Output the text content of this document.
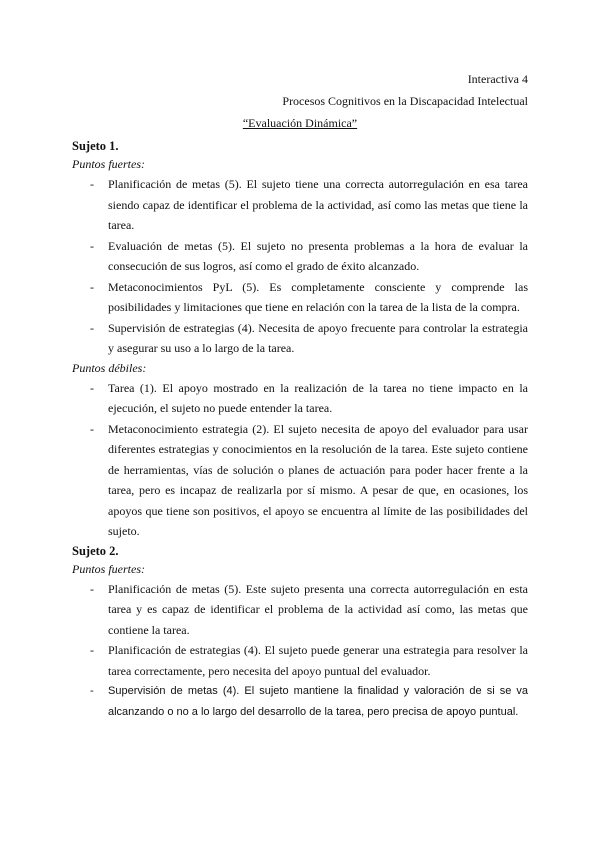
Interactiva 4
Procesos Cognitivos en la Discapacidad Intelectual
“Evaluación Dinámica”

Sujeto 1.

Puntos fuertes:

- Planificación de metas (5). El sujeto tiene una correcta autorregulación en esa tarea siendo capaz de identificar el problema de la actividad, así como las metas que tiene la tarea.
- Evaluación de metas (5). El sujeto no presenta problemas a la hora de evaluar la consecución de sus logros, así como el grado de éxito alcanzado.
- Metaconocimientos PyL (5). Es completamente consciente y comprende las posibilidades y limitaciones que tiene en relación con la tarea de la lista de la compra.
- Supervisión de estrategias (4). Necesita de apoyo frecuente para controlar la estrategia y asegurar su uso a lo largo de la tarea.

Puntos débiles:

- Tarea (1). El apoyo mostrado en la realización de la tarea no tiene impacto en la ejecución, el sujeto no puede entender la tarea.
- Metaconocimiento estrategia (2). El sujeto necesita de apoyo del evaluador para usar diferentes estrategias y conocimientos en la resolución de la tarea. Este sujeto contiene de herramientas, vías de solución o planes de actuación para poder hacer frente a la tarea, pero es incapaz de realizarla por sí mismo. A pesar de que, en ocasiones, los apoyos que tiene son positivos, el apoyo se encuentra al límite de las posibilidades del sujeto.

Sujeto 2.

Puntos fuertes:

- Planificación de metas (5). Este sujeto presenta una correcta autorregulación en esta tarea y es capaz de identificar el problema de la actividad así como, las metas que contiene la tarea.
- Planificación de estrategias (4). El sujeto puede generar una estrategia para resolver la tarea correctamente, pero necesita del apoyo puntual del evaluador.
- Supervisión de metas (4). El sujeto mantiene la finalidad y valoración de si se va alcanzando o no a lo largo del desarrollo de la tarea, pero precisa de apoyo puntual.
